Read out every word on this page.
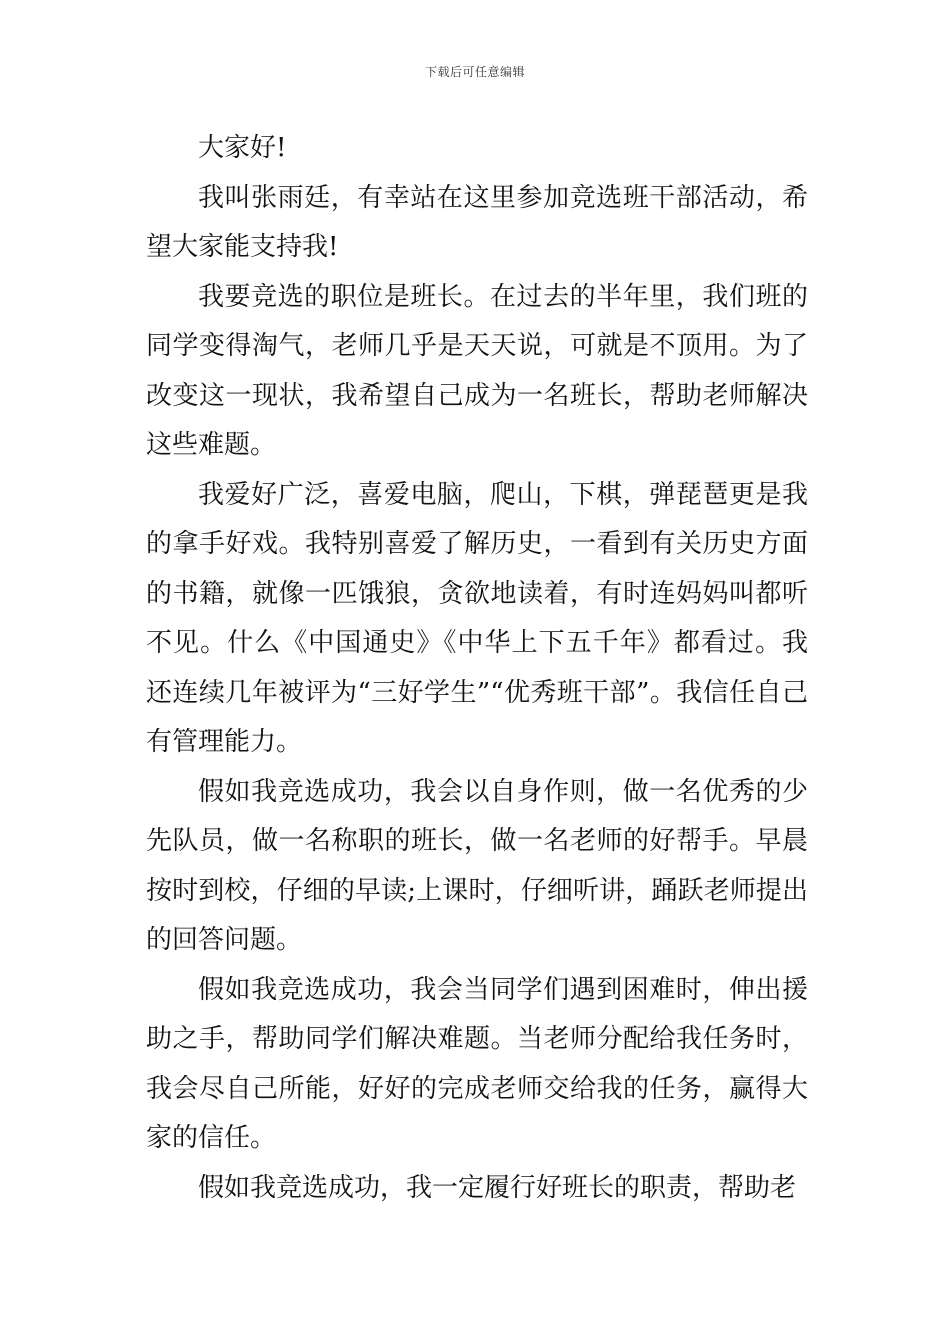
下载后可任意编辑

大家好!

我叫张雨廷，有幸站在这里参加竞选班干部活动，希望大家能支持我!

我要竞选的职位是班长。在过去的半年里，我们班的同学变得淘气，老师几乎是天天说，可就是不顶用。为了改变这一现状，我希望自己成为一名班长，帮助老师解决这些难题。

我爱好广泛，喜爱电脑，爬山，下棋，弹琵琶更是我的拿手好戏。我特别喜爱了解历史，一看到有关历史方面的书籍，就像一匹饿狼，贪欲地读着，有时连妈妈叫都听不见。什么《中国通史》《中华上下五千年》都看过。我还连续几年被评为“三好学生”“优秀班干部”。我信任自己有管理能力。

假如我竞选成功，我会以自身作则，做一名优秀的少先队员，做一名称职的班长，做一名老师的好帮手。早晨按时到校，仔细的早读;上课时，仔细听讲，踊跃老师提出的回答问题。

假如我竞选成功，我会当同学们遇到困难时，伸出援助之手，帮助同学们解决难题。当老师分配给我任务时，我会尽自己所能，好好的完成老师交给我的任务，赢得大家的信任。

假如我竞选成功，我一定履行好班长的职责，帮助老
